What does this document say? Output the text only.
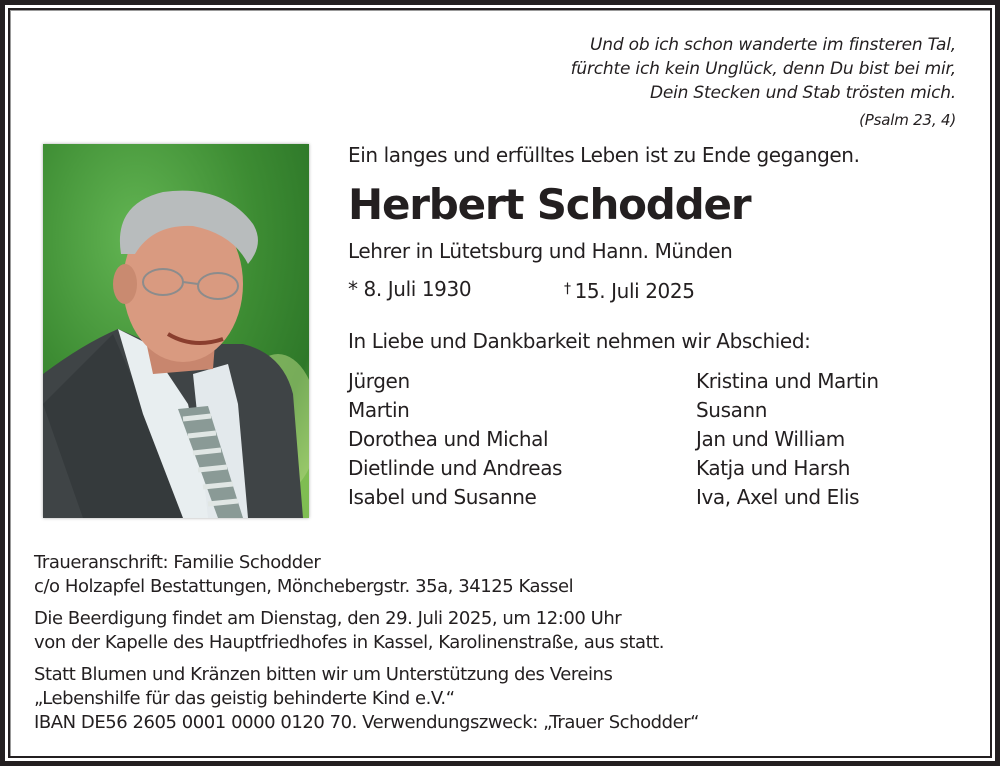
Und ob ich schon wanderte im finsteren Tal,
fürchte ich kein Unglück, denn Du bist bei mir,
Dein Stecken und Stab trösten mich.
(Psalm 23, 4)
Ein langes und erfülltes Leben ist zu Ende gegangen.
Herbert Schodder
Lehrer in Lütetsburg und Hann. Münden
* 8. Juli 1930	† 15. Juli 2025
In Liebe und Dankbarkeit nehmen wir Abschied:
Jürgen
Martin
Dorothea und Michal
Dietlinde und Andreas
Isabel und Susanne
Kristina und Martin
Susann
Jan und William
Katja und Harsh
Iva, Axel und Elis
Traueranschrift: Familie Schodder
c/o Holzapfel Bestattungen, Mönchebergstr. 35a, 34125 Kassel
Die Beerdigung findet am Dienstag, den 29. Juli 2025, um 12:00 Uhr
von der Kapelle des Hauptfriedhofes in Kassel, Karolinenstraße, aus statt.
Statt Blumen und Kränzen bitten wir um Unterstützung des Vereins
„Lebenshilfe für das geistig behinderte Kind e.V.“
IBAN DE56 2605 0001 0000 0120 70. Verwendungszweck: „Trauer Schodder“
